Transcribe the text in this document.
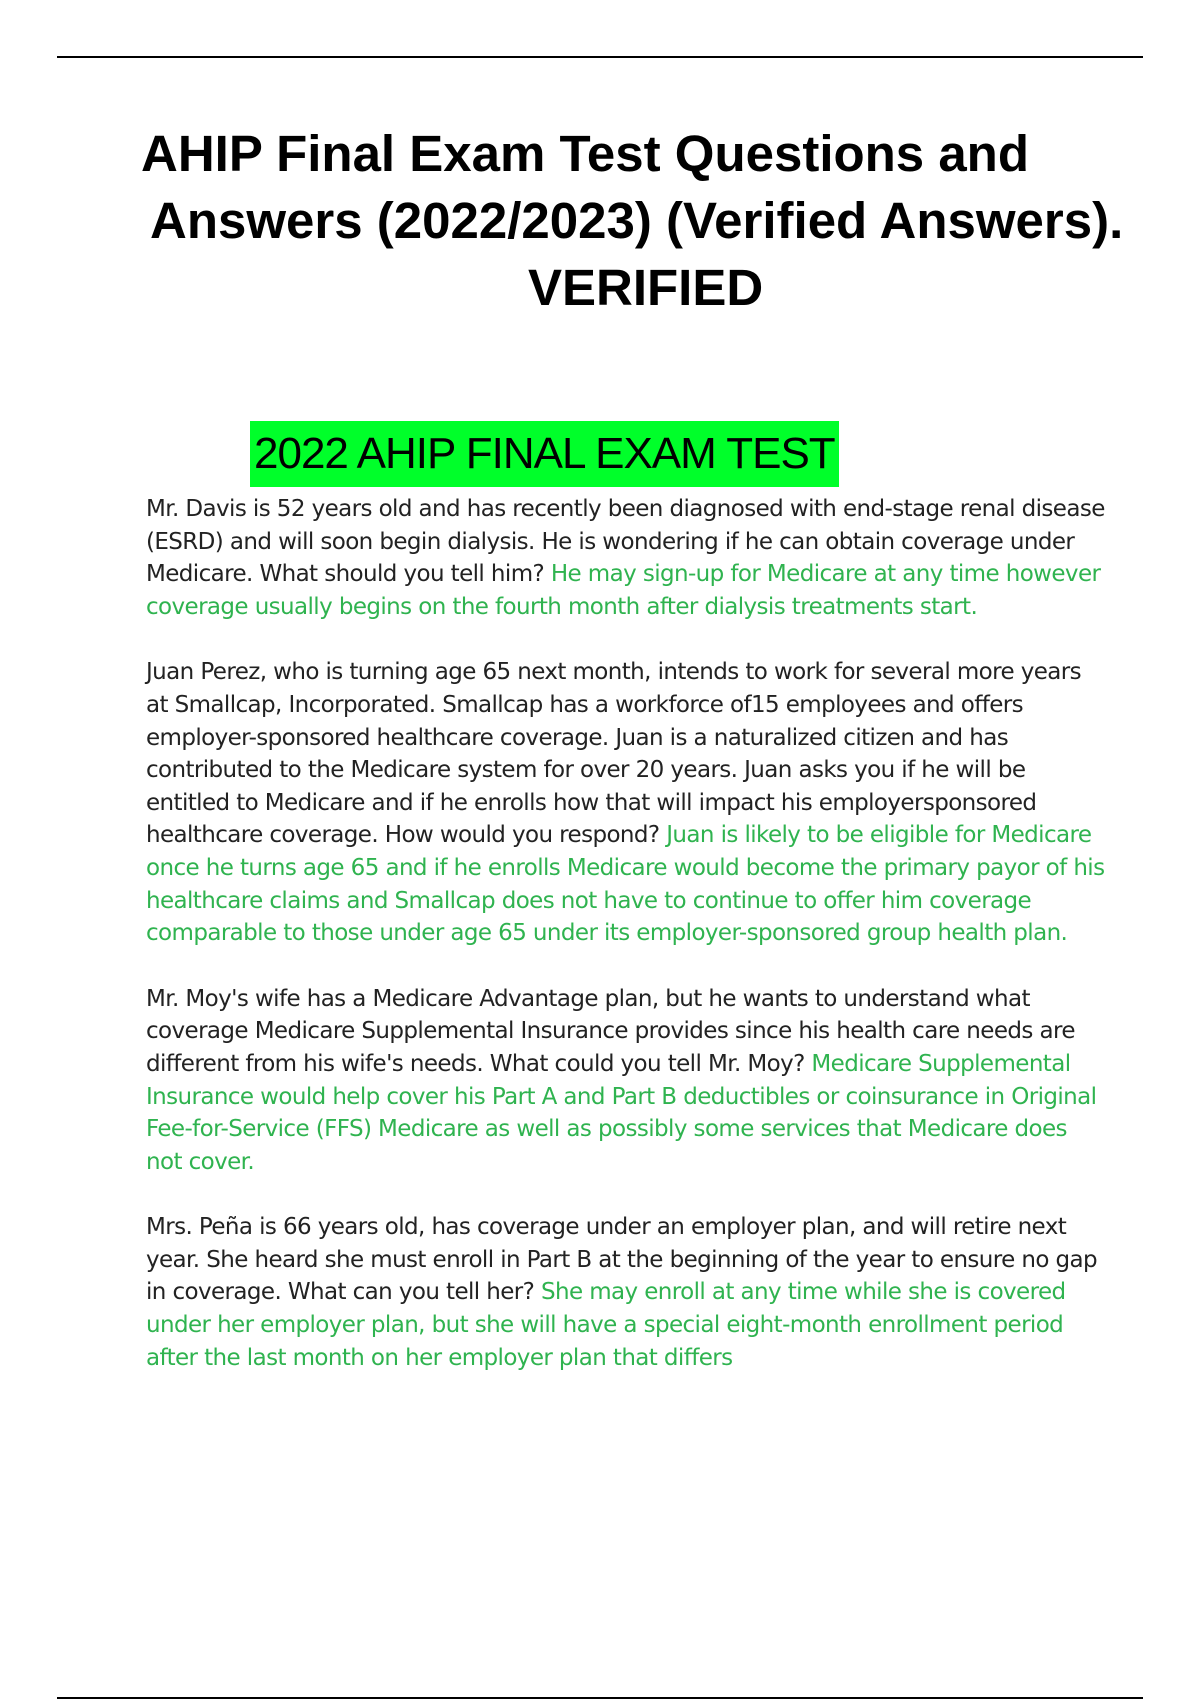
AHIP Final Exam Test Questions and
Answers (2022/2023) (Verified Answers).
VERIFIED
2022 AHIP FINAL EXAM TEST

Mr. Davis is 52 years old and has recently been diagnosed with end-stage renal disease (ESRD) and will soon begin dialysis. He is wondering if he can obtain coverage under Medicare. What should you tell him? He may sign-up for Medicare at any time however coverage usually begins on the fourth month after dialysis treatments start.

Juan Perez, who is turning age 65 next month, intends to work for several more years at Smallcap, Incorporated. Smallcap has a workforce of15 employees and offers employer-sponsored healthcare coverage. Juan is a naturalized citizen and has contributed to the Medicare system for over 20 years. Juan asks you if he will be entitled to Medicare and if he enrolls how that will impact his employersponsored healthcare coverage. How would you respond? Juan is likely to be eligible for Medicare once he turns age 65 and if he enrolls Medicare would become the primary payor of his healthcare claims and Smallcap does not have to continue to offer him coverage comparable to those under age 65 under its employer-sponsored group health plan.

Mr. Moy's wife has a Medicare Advantage plan, but he wants to understand what coverage Medicare Supplemental Insurance provides since his health care needs are different from his wife's needs. What could you tell Mr. Moy? Medicare Supplemental Insurance would help cover his Part A and Part B deductibles or coinsurance in Original Fee-for-Service (FFS) Medicare as well as possibly some services that Medicare does not cover.

Mrs. Peña is 66 years old, has coverage under an employer plan, and will retire next year. She heard she must enroll in Part B at the beginning of the year to ensure no gap in coverage. What can you tell her? She may enroll at any time while she is covered under her employer plan, but she will have a special eight-month enrollment period after the last month on her employer plan that differs
